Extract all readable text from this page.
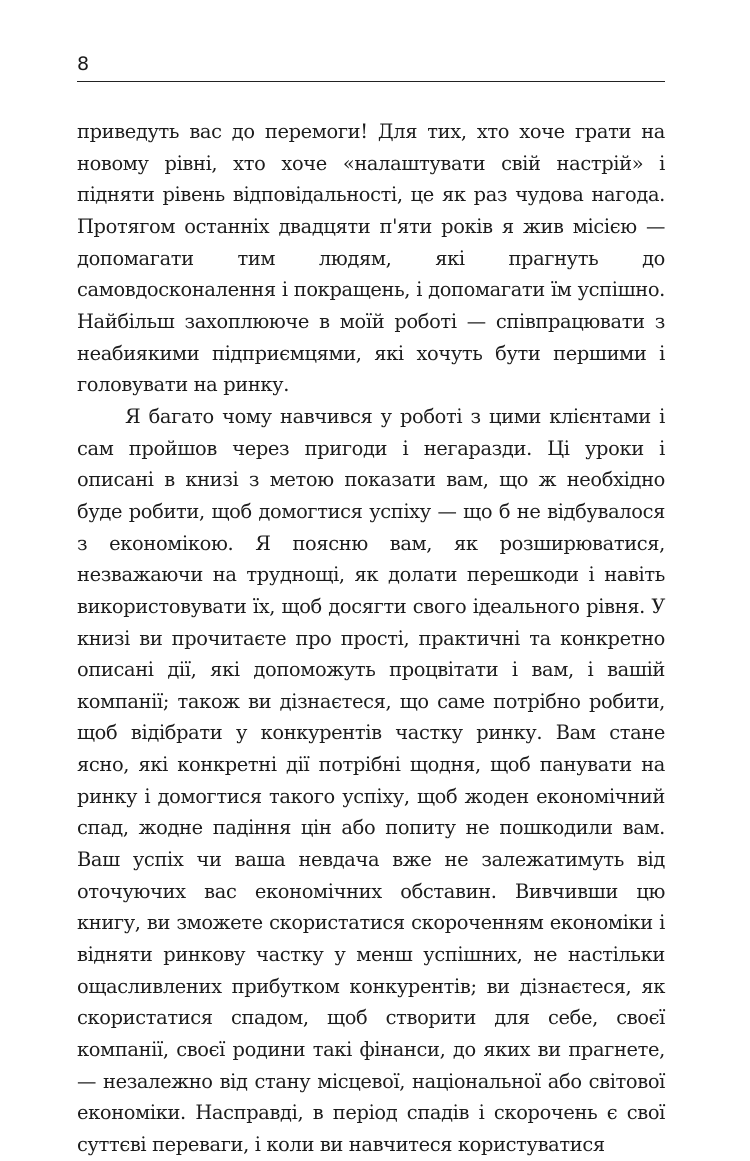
8

приведуть вас до перемоги! Для тих, хто хоче грати на новому рівні, хто хоче «налаштувати свій настрій» і підняти рівень відповідальності, це як раз чудова нагода. Протягом останніх двадцяти п'яти років я жив місією — допомагати тим людям, які прагнуть до самовдосконалення і покращень, і допомагати їм успішно. Найбільш захоплююче в моїй роботі — співпрацювати з неабиякими підприємцями, які хочуть бути першими і головувати на ринку.

Я багато чому навчився у роботі з цими клієнтами і сам пройшов через пригоди і негаразди. Ці уроки і описані в книзі з метою показати вам, що ж необхідно буде робити, щоб домогтися успіху — що б не відбувалося з економікою. Я поясню вам, як розширюватися, незважаючи на труднощі, як долати перешкоди і навіть використовувати їх, щоб досягти свого ідеального рівня. У книзі ви прочитаєте про прості, практичні та конкретно описані дії, які допоможуть процвітати і вам, і вашій компанії; також ви дізнаєтеся, що саме потрібно робити, щоб відібрати у конкурентів частку ринку. Вам стане ясно, які конкретні дії потрібні щодня, щоб панувати на ринку і домогтися такого успіху, щоб жоден економічний спад, жодне падіння цін або попиту не пошкодили вам. Ваш успіх чи ваша невдача вже не залежатимуть від оточуючих вас економічних обставин. Вивчивши цю книгу, ви зможете скористатися скороченням економіки і відняти ринкову частку у менш успішних, не настільки ощасливлених прибутком конкурентів; ви дізнаєтеся, як скористатися спадом, щоб створити для себе, своєї компанії, своєї родини такі фінанси, до яких ви прагнете, — незалежно від стану місцевої, національної або світової економіки. Насправді, в період спадів і скорочень є свої суттєві переваги, і коли ви навчитеся користуватися
